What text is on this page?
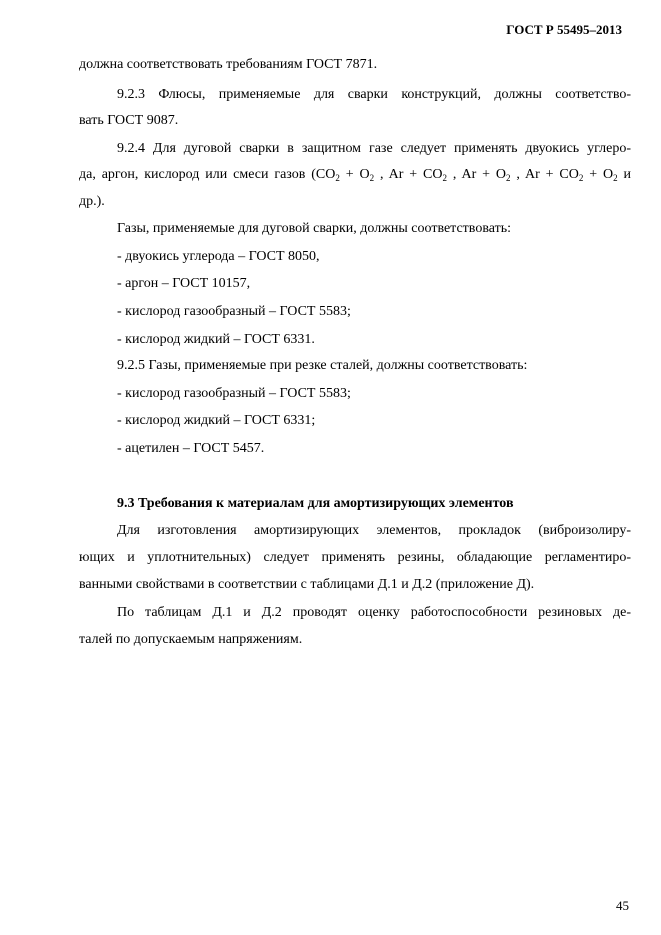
ГОСТ Р 55495–2013
должна соответствовать требованиям ГОСТ 7871.
9.2.3 Флюсы, применяемые для сварки конструкций, должны соответство-
вать ГОСТ 9087.
9.2.4 Для дуговой сварки в защитном газе следует применять двуокись углеро-
да, аргон, кислород или смеси газов ($CO_2 + O_2$ , $Ar + CO_2$ , $Ar + O_2$ , $Ar + CO_2 + O_2$ и
др.).
Газы, применяемые для дуговой сварки, должны соответствовать:
- двуокись углерода – ГОСТ 8050,
- аргон – ГОСТ 10157,
- кислород газообразный – ГОСТ 5583;
- кислород жидкий – ГОСТ 6331.
9.2.5 Газы, применяемые при резке сталей, должны соответствовать:
- кислород газообразный – ГОСТ 5583;
- кислород жидкий – ГОСТ 6331;
- ацетилен – ГОСТ 5457.
9.3 Требования к материалам для амортизирующих элементов
Для изготовления амортизирующих элементов, прокладок (виброизолиру-
ющих и уплотнительных) следует применять резины, обладающие регламентиро-
ванными свойствами в соответствии с таблицами Д.1 и Д.2 (приложение Д).
По таблицам Д.1 и Д.2 проводят оценку работоспособности резиновых де-
талей по допускаемым напряжениям.
45
